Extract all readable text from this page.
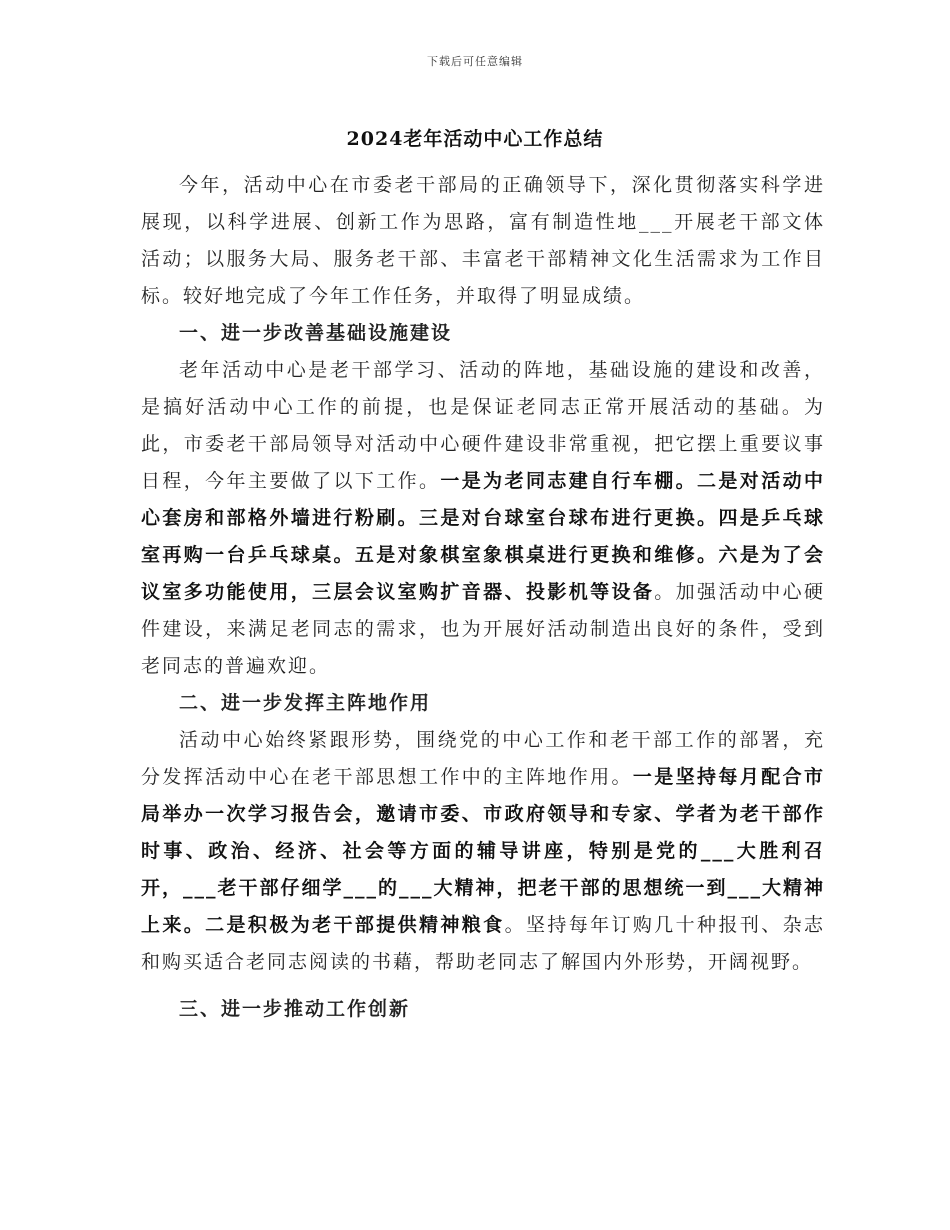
下载后可任意编辑
2024老年活动中心工作总结

今年，活动中心在市委老干部局的正确领导下，深化贯彻落实科学进展现，以科学进展、创新工作为思路，富有制造性地___开展老干部文体活动；以服务大局、服务老干部、丰富老干部精神文化生活需求为工作目标。较好地完成了今年工作任务，并取得了明显成绩。

一、进一步改善基础设施建设

老年活动中心是老干部学习、活动的阵地，基础设施的建设和改善，是搞好活动中心工作的前提，也是保证老同志正常开展活动的基础。为此，市委老干部局领导对活动中心硬件建设非常重视，把它摆上重要议事日程，今年主要做了以下工作。一是为老同志建自行车棚。二是对活动中心套房和部格外墙进行粉刷。三是对台球室台球布进行更换。四是乒乓球室再购一台乒乓球桌。五是对象棋室象棋桌进行更换和维修。六是为了会议室多功能使用，三层会议室购扩音器、投影机等设备。加强活动中心硬件建设，来满足老同志的需求，也为开展好活动制造出良好的条件，受到老同志的普遍欢迎。

二、进一步发挥主阵地作用

活动中心始终紧跟形势，围绕党的中心工作和老干部工作的部署，充分发挥活动中心在老干部思想工作中的主阵地作用。一是坚持每月配合市局举办一次学习报告会，邀请市委、市政府领导和专家、学者为老干部作时事、政治、经济、社会等方面的辅导讲座，特别是党的___大胜利召开，___老干部仔细学___的___大精神，把老干部的思想统一到___大精神上来。二是积极为老干部提供精神粮食。坚持每年订购几十种报刊、杂志和购买适合老同志阅读的书藉，帮助老同志了解国内外形势，开阔视野。

三、进一步推动工作创新
